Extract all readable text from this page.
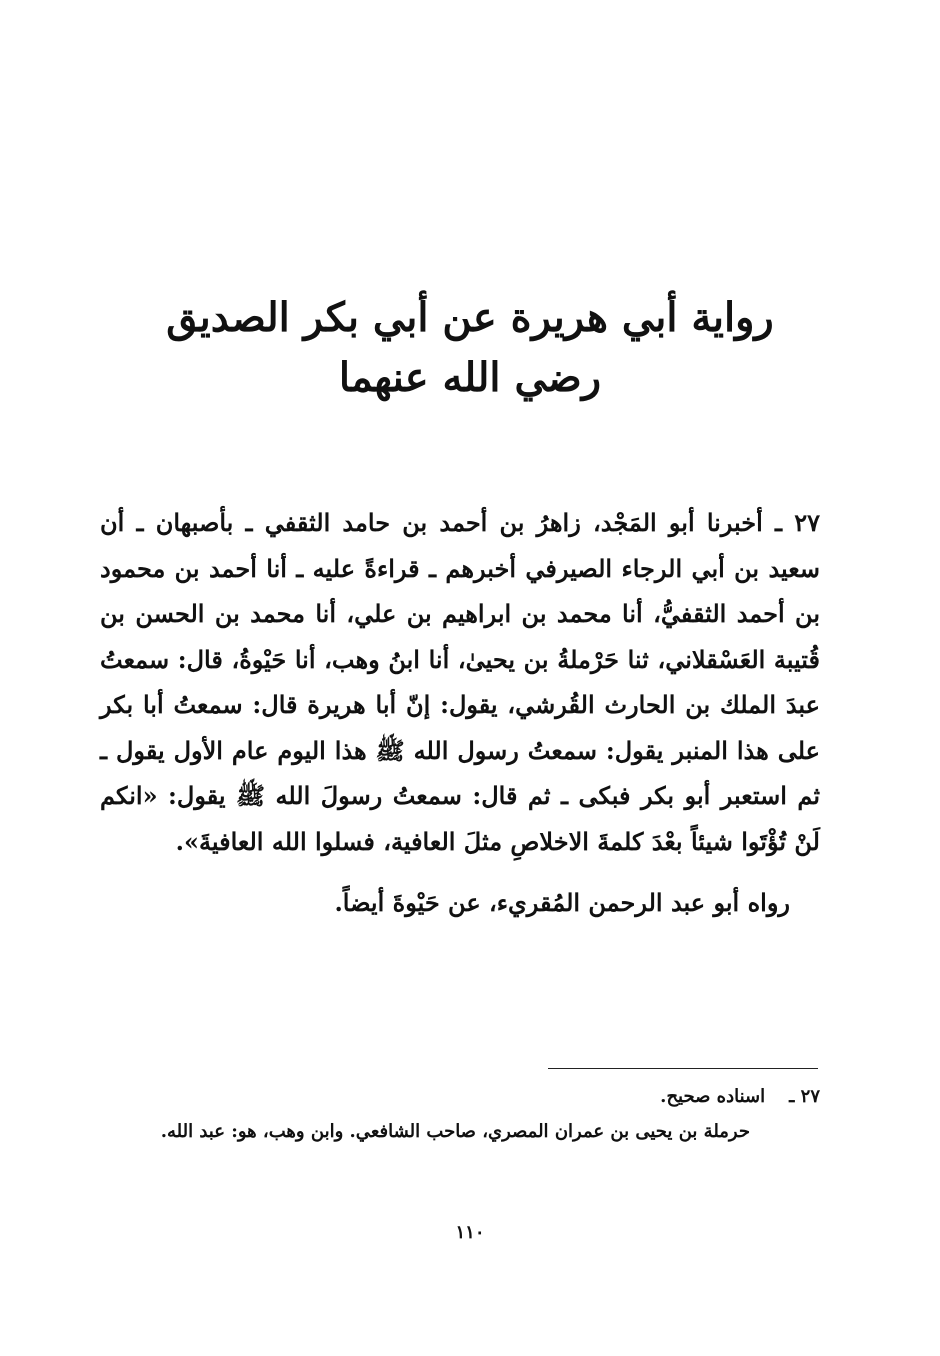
رواية أبي هريرة عن أبي بكر الصديق

رضي الله عنهما

٢٧ ـ أخبرنا أبو المَجْد، زاهرُ بن أحمد بن حامد الثقفي ـ بأصبهان ـ أن سعيد بن أبي الرجاء الصيرفي أخبرهم ـ قراءةً عليه ـ أنا أحمد بن محمود بن أحمد الثقفيُّ، أنا محمد بن ابراهيم بن علي، أنا محمد بن الحسن بن قُتيبة العَسْقلاني، ثنا حَرْملةُ بن يحيىٰ، أنا ابنُ وهب، أنا حَيْوةُ، قال: سمعتُ عبدَ الملك بن الحارث القُرشي، يقول: إنّ أبا هريرة قال: سمعتُ أبا بكر على هذا المنبر يقول: سمعتُ رسول الله ﷺ هذا اليوم عام الأول يقول ـ ثم استعبر أبو بكر فبكى ـ ثم قال: سمعتُ رسولَ الله ﷺ يقول: «انكم لَنْ تُؤْتَوا شيئاً بعْدَ كلمةَ الاخلاصِ مثلَ العافية، فسلوا الله العافيةَ».

رواه أبو عبد الرحمن المُقريء، عن حَيْوةَ أيضاً.

٢٧ ـاسناده صحيح.

حرملة بن يحيى بن عمران المصري، صاحب الشافعي. وابن وهب، هو: عبد الله.

١١٠
